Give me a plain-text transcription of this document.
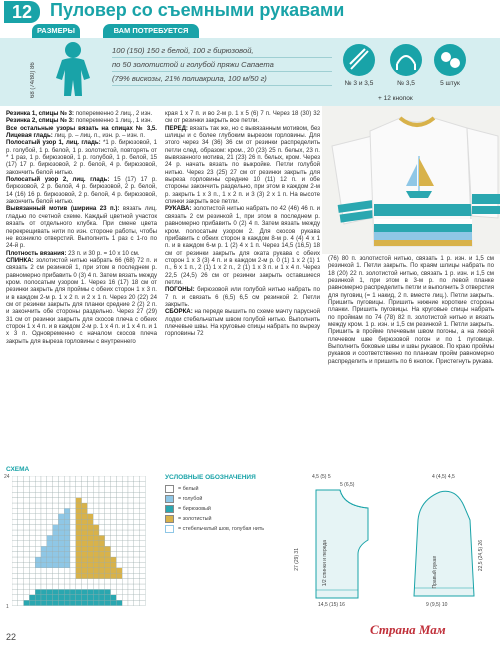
12 Пуловер со съемными рукавами
РАЗМЕРЫ	ВАМ ПОТРЕБУЕТСЯ
68 (74/80) 86
100 (150) 150 г белой, 100 г бирюзовой,
по 50 золотистой и голубой пряжи Сапаета
(79% вискозы, 21% полиакрила, 100 м/50 г)
№ 3 и 3,5	№ 3,5	5 штук
+ 12 кнопок

Резинка 1, спицы № 3: попеременно 2 лиц., 2 изн.

Резинка 2, спицы № 3: попеременно 1 лиц., 1 изн.

Все остальные узоры вязать на спицах № 3,5. Лицевая гладь: лиц. р. – лиц. п., изн. р. – изн. п.

Полосатый узор 1, лиц. гладь: *1 р. бирюзовой, 1 р. голубой, 1 р. белой, 1 р. золотистой, повторять от * 1 раз, 1 р. бирюзовой, 1 р. голубой, 1 р. белой, 15 (17) 17 р. бирюзовой, 2 р. белой, 4 р. бирюзовой, закончить белой нитью.

Полосатый узор 2, лиц. гладь: 15 (17) 17 р. бирюзовой, 2 р. белой, 4 р. бирюзовой, 2 р. белой, 14 (16) 16 р. бирюзовой, 2 р. белой, 4 р. бирюзовой, закончить белой нитью.

Вывязанный мотив (ширина 23 п.): вязать лиц. гладью по счетной схеме. Каждый цветной участок вязать от отдельного клубка. При смене цвета перекрещивать нити по изн. стороне работы, чтобы не возникло отверстий. Выполнить 1 раз с 1-го по 24-й р.

Плотность вязания: 23 п. и 30 р. = 10 х 10 см.

СПИНКА: золотистой нитью набрать 66 (68) 72 п. и связать 2 см резинкой 1, при этом в последнем р. равномерно прибавить 0 (3) 4 п. Затем вязать между кром. полосатым узором 1. Через 16 (17) 18 см от резинки закрыть для проймы с обеих сторон 1 х 3 п. и в каждом 2-м р. 1 х 2 п. и 2 х 1 п. Через 20 (22) 24 см от резинки закрыть для планки средние 2 (2) 2 п. и закончить обе стороны раздельно. Через 27 (29) 31 см от резинки закрыть для скосов плеча с обеих сторон 1 х 4 п. и в каждом 2-м р. 1 х 4 п. и 1 х 4 п. и 1 х 3 п. Одновременно с началом скосов плеча закрыть для выреза горловины с внутреннего

края 1 х 7 п. и во 2-м р. 1 х 5 (6) 7 п. Через 18 (30) 32 см от резинки закрыть все петли.

ПЕРЕД: вязать так же, но с вывязанным мотивом, без шлицы и с более глубоким вырезом горловины. Для этого через 34 (36) 36 см от резинки распределить петли след. образом: кром., 20 (23) 25 п. белых, 23 п. вывязанного мотива, 21 (23) 26 п. белых, кром. Через 24 р. начать вязать по выкройке. Петли голубой нитью. Через 23 (25) 27 см от резинки закрыть для выреза горловины средние 10 (11) 12 п. и обе стороны закончить раздельно, при этом в каждом 2-м р. закрыть 1 х 3 п., 1 х 2 п. и 3 (3) 2 х 1 п. На высоте спинки закрыть все петли.

РУКАВА: золотистой нитью набрать по 42 (46) 46 п. и связать 2 см резинкой 1, при этом в последнем р. равномерно прибавить 0 (2) 4 п. Затем вязать между кром. полосатым узором 2. Для скосов рукава прибавить с обеих сторон в каждом 8-м р. 4 (4) 4 х 1 п. и в каждом 6-м р. 1 (2) 4 х 1 п. Через 14,5 (16,5) 18 см от резинки закрыть для оката рукава с обеих сторон 1 х 3 (3) 4 п. и в каждом 2-м р. 0 (1) 1 х 2 (1) 1 п., 6 х 1 п., 2 (1) 1 х 2 п., 2 (1) 1 х 3 п. и 1 х 4 п. Через 22,5 (24,5) 26 см от резинки закрыть оставшиеся петли.

ПОГОНЫ: бирюзовой или голубой нитью набрать по 7 п. и связать 6 (6,5) 6,5 см резинкой 2. Петли закрыть.

СБОРКА: на переде вышить по схеме мачту парусной лодки стебельчатым швом голубой нитью. Выполнить плечевые швы. На круговые спицы набрать по вырезу горловины 72

(76) 80 п. золотистой нитью, связать 1 р. изн. и 1,5 см резинкой 1. Петли закрыть. По краям шлицы набрать по 18 (20) 22 п. золотистой нитью, связать 1 р. изн. и 1,5 см резинкой 1, при этом в 3-м р. по левой планке равномерно распределить петли и выполнить 3 отверстия для пуговиц (= 1 накид, 2 п. вместе лиц.). Петли закрыть. Пришить пуговицы. Пришить нижние короткие стороны планки. Пришить пуговицы. На круговые спицы набрать по проймам по 74 (78) 82 п. золотистой нитью и вязать между кром. 1 р. изн. и 1,5 см резинкой 1. Петли закрыть. Пришить в пройме плечевым швом погоны, а на левой плечевом шве бирюзовой погон и по 1 пуговице. Выполнить боковые швы и швы рукавов. По краю проймы рукавов и соответственно по планкам пройм равномерно распределить и пришить по 6 кнопок. Пристегнуть рукава.

СХЕМА
24
1
УСЛОВНЫЕ ОБОЗНАЧЕНИЯ
= белый
= голубой
= бирюзовый
= золотистый
= стебельчатый шов, голубая нить
4,5 (5) 5
5 (6,5)
1/2 спинки и переда
27 (29) 31
14,5 (15) 16
4 (4,5) 4,5
Правый рукав
22,5 (24,5) 26
9 (9,5) 10
22	Страна Мам
